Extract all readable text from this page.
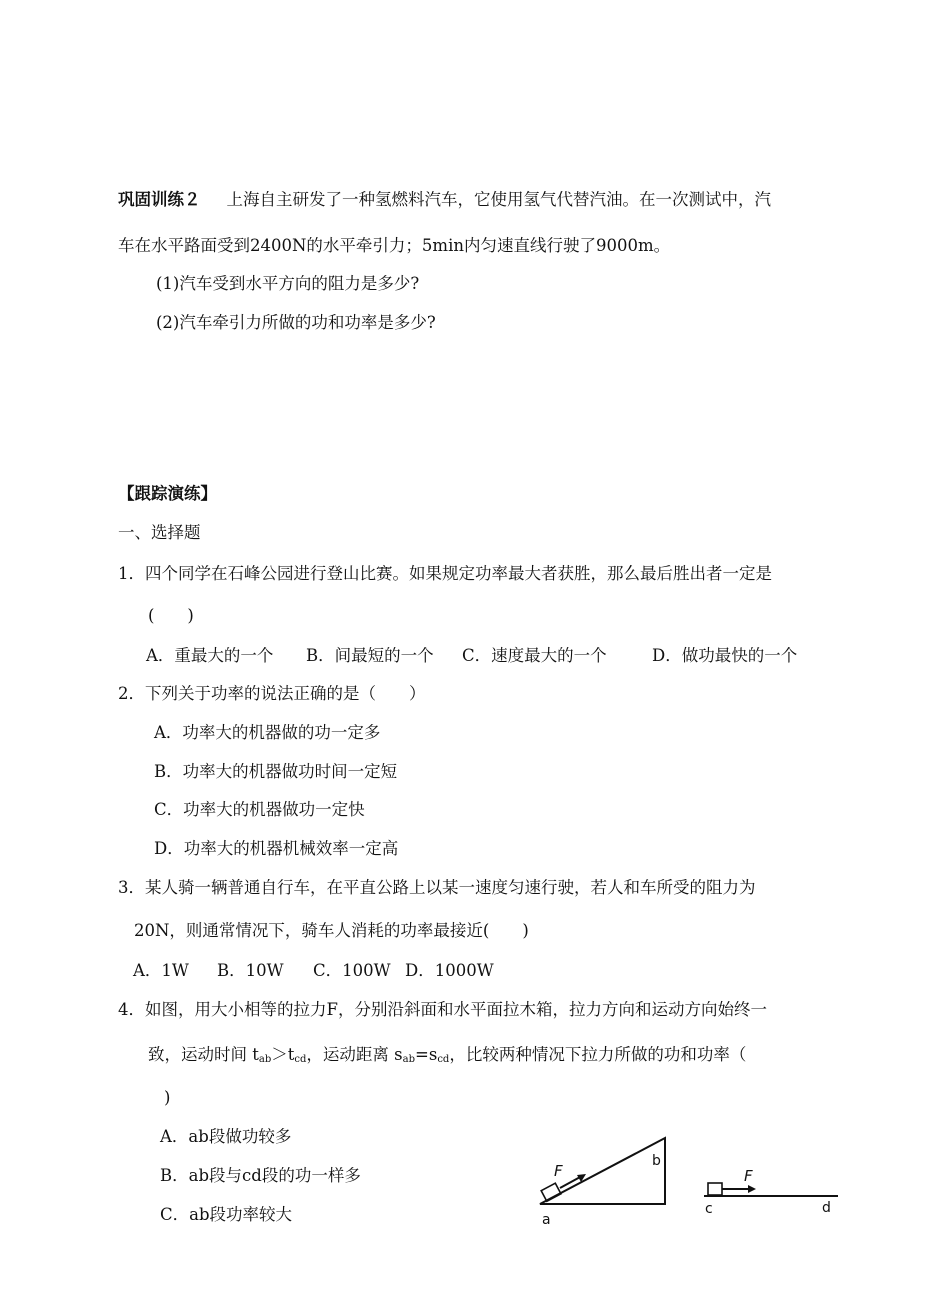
巩固训练２ 上海自主研发了一种氢燃料汽车，它使用氢气代替汽油。在一次测试中，汽
车在水平路面受到2400N的水平牵引力；5min内匀速直线行驶了9000m。
(1)汽车受到水平方向的阻力是多少?
(2)汽车牵引力所做的功和功率是多少?
【跟踪演练】
一、选择题
1．四个同学在石峰公园进行登山比赛。如果规定功率最大者获胜，那么最后胜出者一定是
(　　)
A．重最大的一个 B．间最短的一个 C．速度最大的一个	D．做功最快的一个
2．下列关于功率的说法正确的是（　　）
A．功率大的机器做的功一定多
B．功率大的机器做功时间一定短
C．功率大的机器做功一定快
D．功率大的机器机械效率一定高
3．某人骑一辆普通自行车，在平直公路上以某一速度匀速行驶，若人和车所受的阻力为
20N，则通常情况下，骑车人消耗的功率最接近(　　)
A．1W B．10W C．100W D．1000W
4．如图，用大小相等的拉力F，分别沿斜面和水平面拉木箱，拉力方向和运动方向始终一
致，运动时间 $t_{ab}>t_{cd}$，运动距离 $s_{ab}=s_{cd}$，比较两种情况下拉力所做的功和功率（
)
A．ab段做功较多
B．ab段与cd段的功一样多
C．ab段功率较大
F
b
a
F
c	d
